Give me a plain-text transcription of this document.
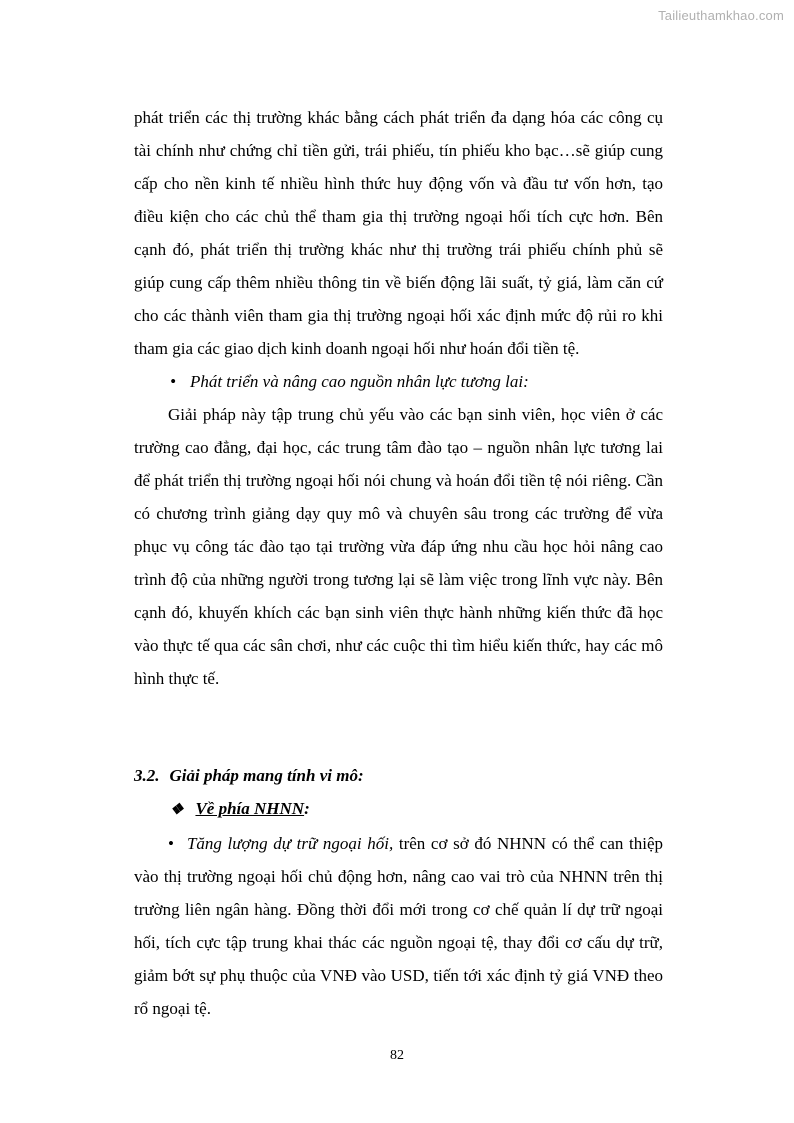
Tailieuthamkhao.com

phát triển các thị trường khác bằng cách phát triển đa dạng hóa các công cụ tài chính như chứng chỉ tiền gửi, trái phiếu, tín phiếu kho bạc…sẽ giúp cung cấp cho nền kinh tế nhiều hình thức huy động vốn và đầu tư vốn hơn, tạo điều kiện cho các chủ thể tham gia thị trường ngoại hối tích cực hơn. Bên cạnh đó, phát triển thị trường khác như thị trường trái phiếu chính phủ sẽ giúp cung cấp thêm nhiều thông tin về biến động lãi suất, tỷ giá, làm căn cứ cho các thành viên tham gia thị trường ngoại hối xác định mức độ rủi ro khi tham gia các giao dịch kinh doanh ngoại hối như hoán đổi tiền tệ.

• Phát triển và nâng cao nguồn nhân lực tương lai:

Giải pháp này tập trung chủ yếu vào các bạn sinh viên, học viên ở các trường cao đẳng, đại học, các trung tâm đào tạo – nguồn nhân lực tương lai để phát triển thị trường ngoại hối nói chung và hoán đổi tiền tệ nói riêng. Cần có chương trình giảng dạy quy mô và chuyên sâu trong các trường để vừa phục vụ công tác đào tạo tại trường vừa đáp ứng nhu cầu học hỏi nâng cao trình độ của những người trong tương lại sẽ làm việc trong lĩnh vực này. Bên cạnh đó, khuyến khích các bạn sinh viên thực hành những kiến thức đã học vào thực tế qua các sân chơi, như các cuộc thi tìm hiểu kiến thức, hay các mô hình thực tế.

3.2. Giải pháp mang tính vi mô:

❖ Về phía NHNN:

• Tăng lượng dự trữ ngoại hối, trên cơ sở đó NHNN có thể can thiệp vào thị trường ngoại hối chủ động hơn, nâng cao vai trò của NHNN trên thị trường liên ngân hàng. Đồng thời đổi mới trong cơ chế quản lí dự trữ ngoại hối, tích cực tập trung khai thác các nguồn ngoại tệ, thay đổi cơ cấu dự trữ, giảm bớt sự phụ thuộc của VNĐ vào USD, tiến tới xác định tỷ giá VNĐ theo rổ ngoại tệ.

82
